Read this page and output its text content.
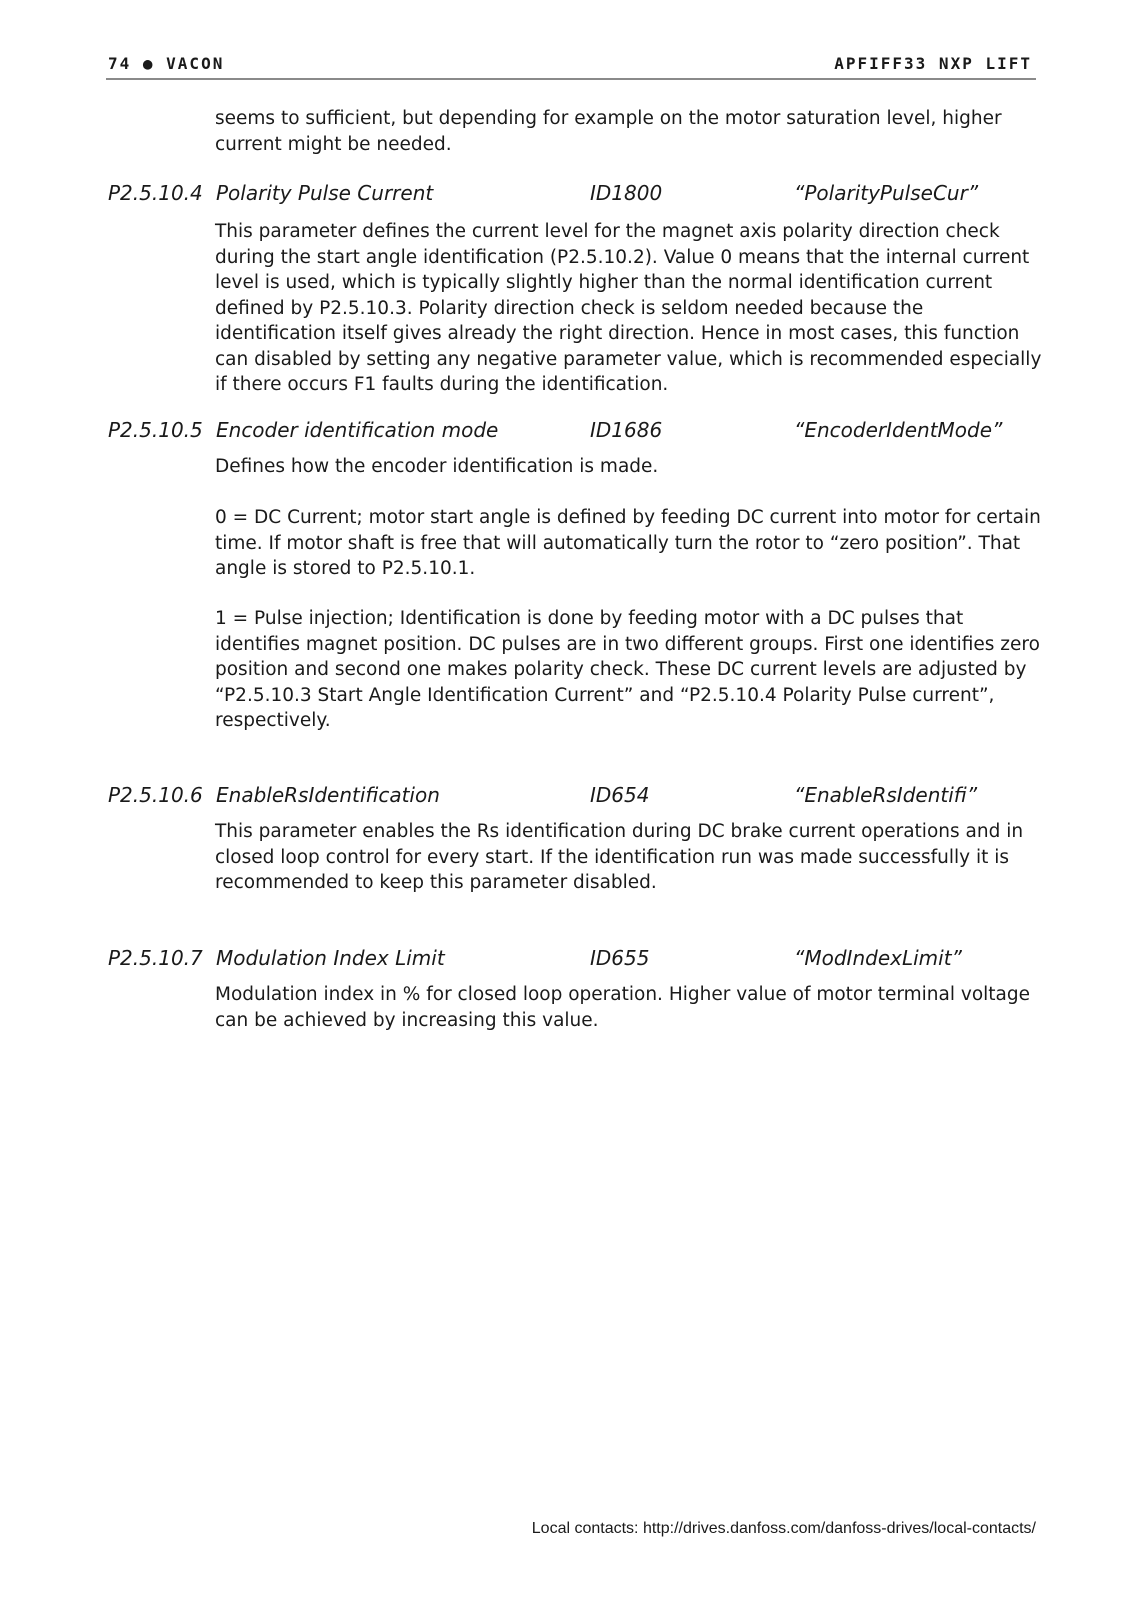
74 ● VACON	APFIFF33 NXP LIFT

seems to sufficient, but depending for example on the motor saturation level, higher current might be needed.

P2.5.10.4 Polarity Pulse Current	ID1800	“PolarityPulseCur”

This parameter defines the current level for the magnet axis polarity direction check during the start angle identification (P2.5.10.2). Value 0 means that the internal current level is used, which is typically slightly higher than the normal identification current defined by P2.5.10.3. Polarity direction check is seldom needed because the identification itself gives already the right direction. Hence in most cases, this function can disabled by setting any negative parameter value, which is recommended especially if there occurs F1 faults during the identification.

P2.5.10.5 Encoder identification mode	ID1686	“EncoderIdentMode”

Defines how the encoder identification is made.

0 = DC Current; motor start angle is defined by feeding DC current into motor for certain time. If motor shaft is free that will automatically turn the rotor to “zero position”. That angle is stored to P2.5.10.1.

1 = Pulse injection; Identification is done by feeding motor with a DC pulses that identifies magnet position. DC pulses are in two different groups. First one identifies zero position and second one makes polarity check. These DC current levels are adjusted by “P2.5.10.3 Start Angle Identification Current” and “P2.5.10.4 Polarity Pulse current”, respectively.

P2.5.10.6 EnableRsIdentification	ID654	“EnableRsIdentifi”

This parameter enables the Rs identification during DC brake current operations and in closed loop control for every start. If the identification run was made successfully it is recommended to keep this parameter disabled.

P2.5.10.7 Modulation Index Limit	ID655	“ModIndexLimit”

Modulation index in % for closed loop operation. Higher value of motor terminal voltage can be achieved by increasing this value.

Local contacts: http://drives.danfoss.com/danfoss-drives/local-contacts/
